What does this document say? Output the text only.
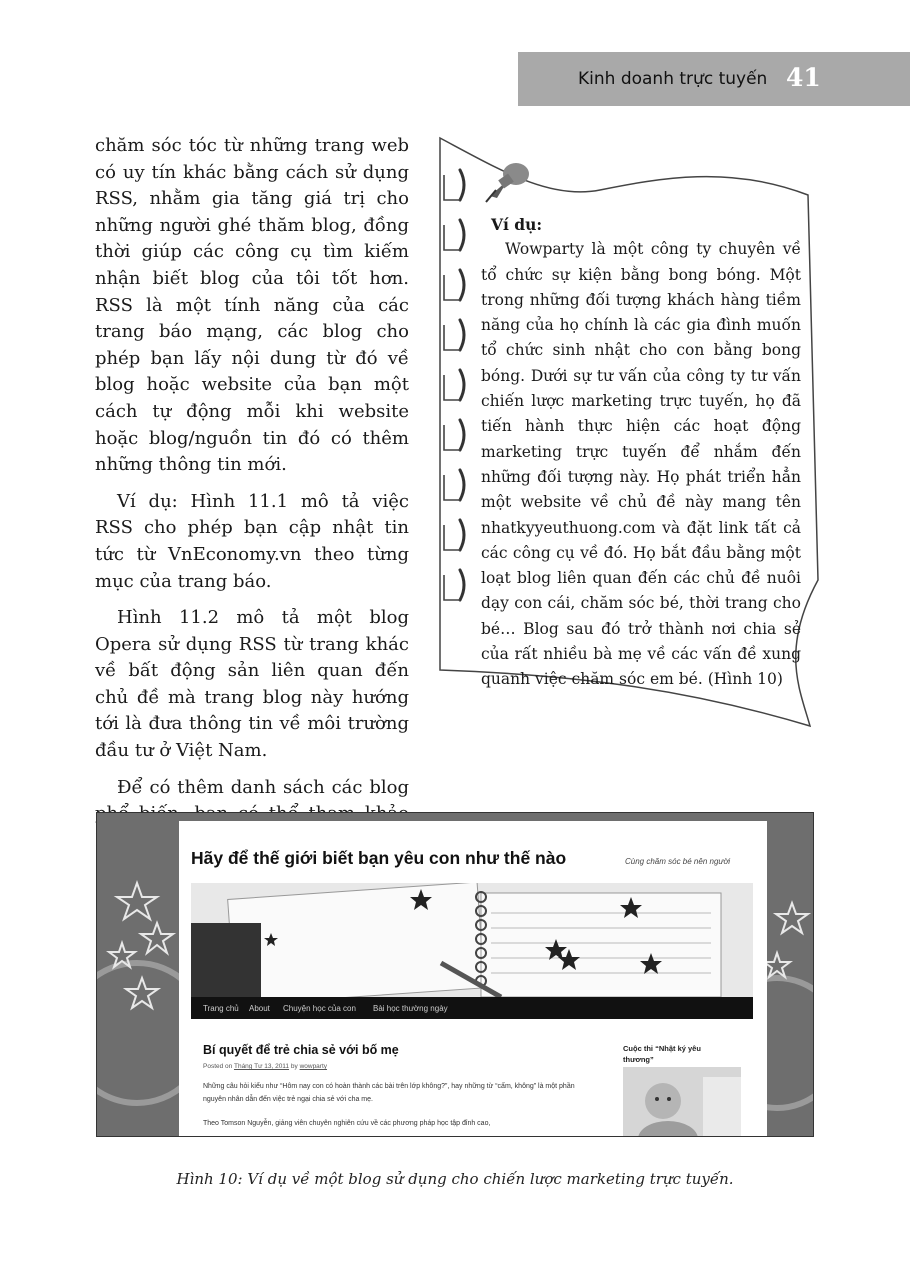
Kinh doanh trực tuyến 41

chăm sóc tóc từ những trang web có uy tín khác bằng cách sử dụng RSS, nhằm gia tăng giá trị cho những người ghé thăm blog, đồng thời giúp các công cụ tìm kiếm nhận biết blog của tôi tốt hơn. RSS là một tính năng của các trang báo mạng, các blog cho phép bạn lấy nội dung từ đó về blog hoặc website của bạn một cách tự động mỗi khi website hoặc blog/nguồn tin đó có thêm những thông tin mới.

Ví dụ: Hình 11.1 mô tả việc RSS cho phép bạn cập nhật tin tức từ VnEconomy.vn theo từng mục của trang báo.

Hình 11.2 mô tả một blog Opera sử dụng RSS từ trang khác về bất động sản liên quan đến chủ đề mà trang blog này hướng tới là đưa thông tin về môi trường đầu tư ở Việt Nam.

Để có thêm danh sách các blog

Ví dụ:

Wowparty là một công ty chuyên về tổ chức sự kiện bằng bong bóng. Một trong những đối tượng khách hàng tiềm năng của họ chính là các gia đình muốn tổ chức sinh nhật cho con bằng bong bóng. Dưới sự tư vấn của công ty tư vấn chiến lược marketing trực tuyến, họ đã tiến hành thực hiện các hoạt động marketing trực tuyến để nhắm đến những đối tượng này. Họ phát triển hẳn một website về chủ đề này mang tên nhatkyyeuthuong.com và đặt link tất cả các công cụ về đó. Họ bắt đầu bằng một loạt blog liên quan đến các chủ đề nuôi dạy con cái, chăm sóc bé, thời trang cho bé… Blog sau đó trở thành nơi chia sẻ của rất nhiều bà mẹ về các vấn đề xung quanh việc chăm sóc em bé. (Hình 10)

Hãy để thế giới biết bạn yêu con như thế nào	Cùng chăm sóc bé nên người
Trang chủ About Chuyện học của con Bài học thường ngày
Bí quyết để trẻ chia sẻ với bố mẹ
Posted on Tháng Tư 13, 2011 by wowparty

Những câu hỏi kiểu như “Hôm nay con có hoàn thành các bài trên lớp không?”, hay những từ “cấm, không” là một phần nguyên nhân dẫn đến việc trẻ ngại chia sẻ với cha mẹ.

Theo Tomson Nguyễn, giảng viên chuyên nghiên cứu về các phương pháp học tập đỉnh cao,

Cuộc thi “Nhật ký yêu thương”
Hình 10: Ví dụ về một blog sử dụng cho chiến lược marketing trực tuyến.
